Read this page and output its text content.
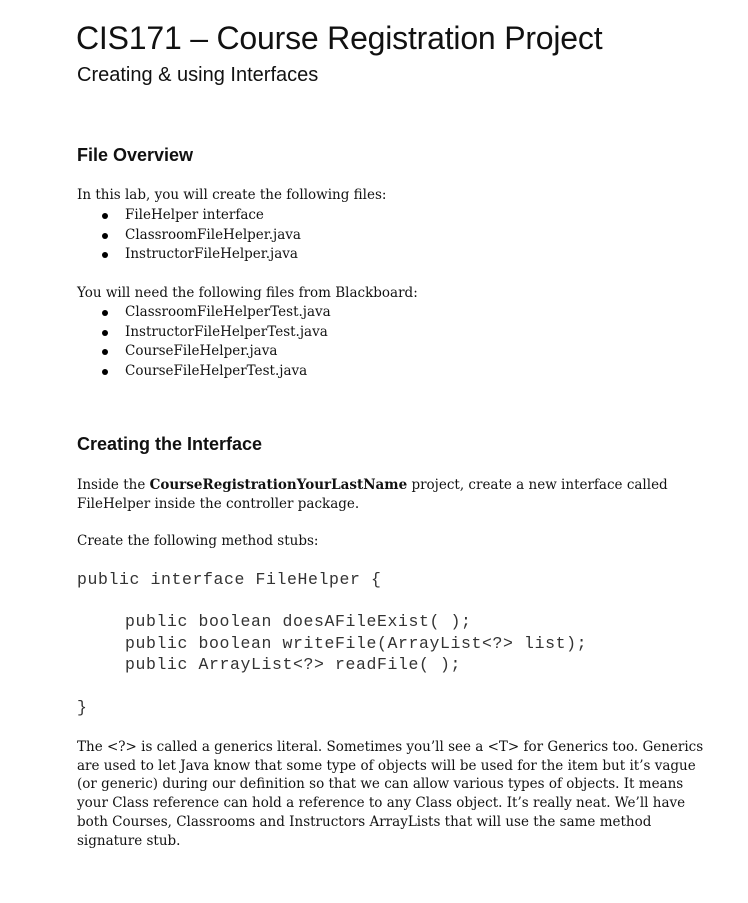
CIS171 – Course Registration Project
Creating & using Interfaces
File Overview

In this lab, you will create the following files:

FileHelper interface
ClassroomFileHelper.java
InstructorFileHelper.java

You will need the following files from Blackboard:

ClassroomFileHelperTest.java
InstructorFileHelperTest.java
CourseFileHelper.java
CourseFileHelperTest.java
Creating the Interface

Inside the CourseRegistrationYourLastName project, create a new interface called
FileHelper inside the controller package.

Create the following method stubs:

public interface FileHelper {
public boolean doesAFileExist( );
public boolean writeFile(ArrayList<?> list);
public ArrayList<?> readFile( );
}

The <?> is called a generics literal. Sometimes you’ll see a <T> for Generics too. Generics
are used to let Java know that some type of objects will be used for the item but it’s vague
(or generic) during our definition so that we can allow various types of objects. It means
your Class reference can hold a reference to any Class object. It’s really neat. We’ll have
both Courses, Classrooms and Instructors ArrayLists that will use the same method
signature stub.
